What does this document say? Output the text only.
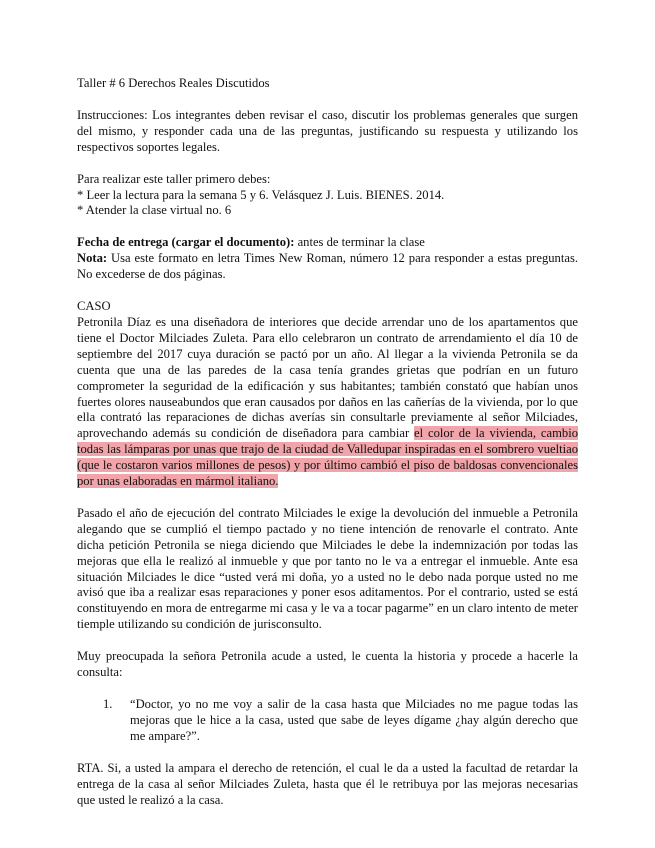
Taller # 6 Derechos Reales Discutidos

Instrucciones: Los integrantes deben revisar el caso, discutir los problemas generales que surgen del mismo, y responder cada una de las preguntas, justificando su respuesta y utilizando los respectivos soportes legales.

Para realizar este taller primero debes:

* Leer la lectura para la semana 5 y 6. Velásquez J. Luis. BIENES. 2014.

* Atender la clase virtual no. 6

Fecha de entrega (cargar el documento): antes de terminar la clase

Nota: Usa este formato en letra Times New Roman, número 12 para responder a estas preguntas. No excederse de dos páginas.

CASO

Petronila Díaz es una diseñadora de interiores que decide arrendar uno de los apartamentos que tiene el Doctor Milciades Zuleta. Para ello celebraron un contrato de arrendamiento el día 10 de septiembre del 2017 cuya duración se pactó por un año. Al llegar a la vivienda Petronila se da cuenta que una de las paredes de la casa tenía grandes grietas que podrían en un futuro comprometer la seguridad de la edificación y sus habitantes; también constató que habían unos fuertes olores nauseabundos que eran causados por daños en las cañerías de la vivienda, por lo que ella contrató las reparaciones de dichas averías sin consultarle previamente al señor Milciades, aprovechando además su condición de diseñadora para cambiar el color de la vivienda, cambio todas las lámparas por unas que trajo de la ciudad de Valledupar inspiradas en el sombrero vueltiao (que le costaron varios millones de pesos) y por último cambió el piso de baldosas convencionales por unas elaboradas en mármol italiano.

Pasado el año de ejecución del contrato Milciades le exige la devolución del inmueble a Petronila alegando que se cumplió el tiempo pactado y no tiene intención de renovarle el contrato. Ante dicha petición Petronila se niega diciendo que Milciades le debe la indemnización por todas las mejoras que ella le realizó al inmueble y que por tanto no le va a entregar el inmueble. Ante esa situación Milciades le dice “usted verá mi doña, yo a usted no le debo nada porque usted no me avisó que iba a realizar esas reparaciones y poner esos aditamentos. Por el contrario, usted se está constituyendo en mora de entregarme mi casa y le va a tocar pagarme” en un claro intento de meter tiemple utilizando su condición de jurisconsulto.

Muy preocupada la señora Petronila acude a usted, le cuenta la historia y procede a hacerle la consulta:

1.	“Doctor, yo no me voy a salir de la casa hasta que Milciades no me pague todas las mejoras que le hice a la casa, usted que sabe de leyes dígame ¿hay algún derecho que me ampare?”.

RTA. Si, a usted la ampara el derecho de retención, el cual le da a usted la facultad de retardar la entrega de la casa al señor Milciades Zuleta, hasta que él le retribuya por las mejoras necesarias que usted le realizó a la casa.
